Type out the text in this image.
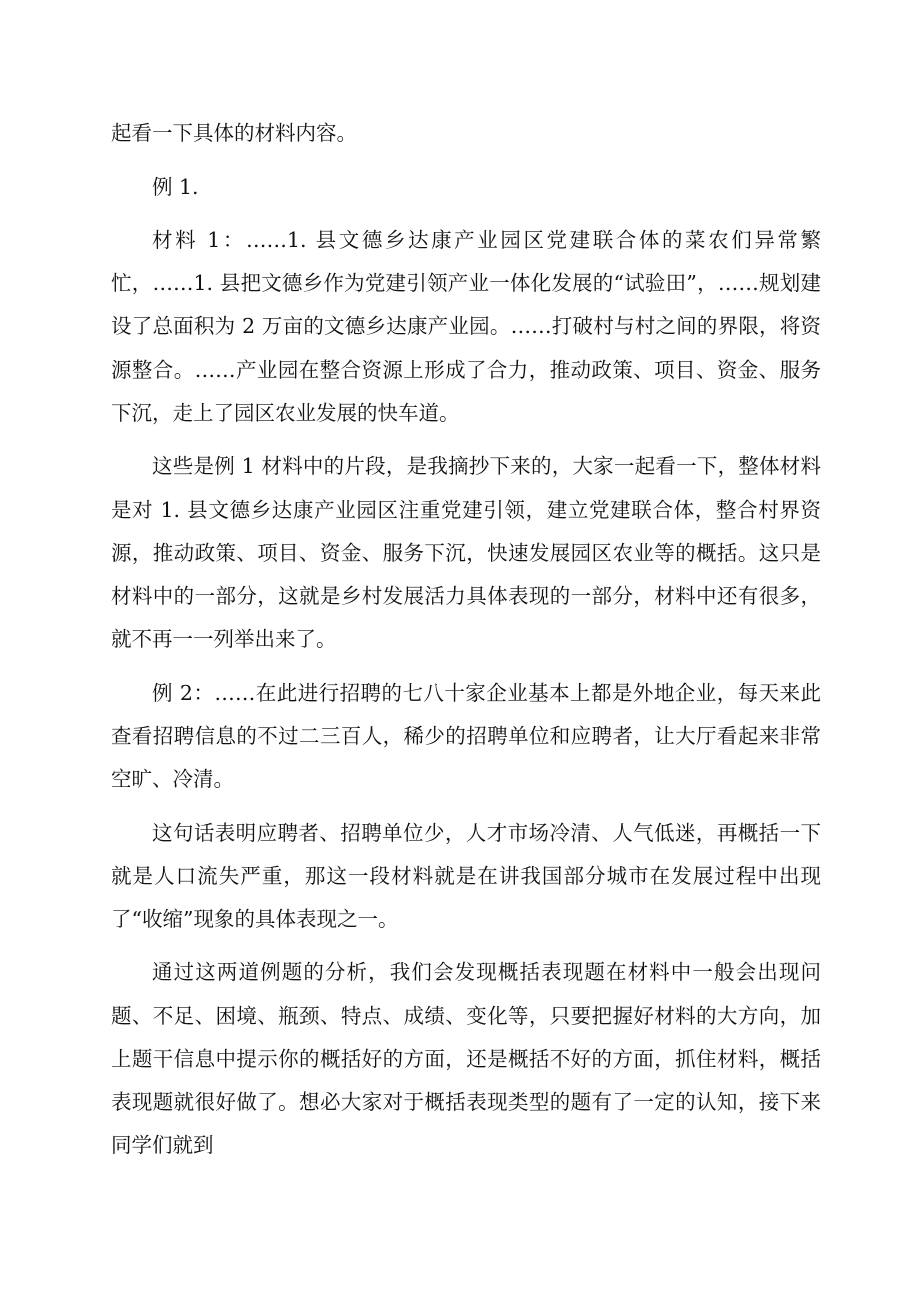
起看一下具体的材料内容。

例 1.

材料 1：……1. 县文德乡达康产业园区党建联合体的菜农们异常繁忙，……1. 县把文德乡作为党建引领产业一体化发展的“试验田”，……规划建设了总面积为 2 万亩的文德乡达康产业园。……打破村与村之间的界限，将资源整合。……产业园在整合资源上形成了合力，推动政策、项目、资金、服务下沉，走上了园区农业发展的快车道。

这些是例 1 材料中的片段，是我摘抄下来的，大家一起看一下，整体材料是对 1. 县文德乡达康产业园区注重党建引领，建立党建联合体，整合村界资源，推动政策、项目、资金、服务下沉，快速发展园区农业等的概括。这只是材料中的一部分，这就是乡村发展活力具体表现的一部分，材料中还有很多，就不再一一列举出来了。

例 2：……在此进行招聘的七八十家企业基本上都是外地企业，每天来此查看招聘信息的不过二三百人，稀少的招聘单位和应聘者，让大厅看起来非常空旷、冷清。

这句话表明应聘者、招聘单位少，人才市场冷清、人气低迷，再概括一下就是人口流失严重，那这一段材料就是在讲我国部分城市在发展过程中出现了“收缩”现象的具体表现之一。

通过这两道例题的分析，我们会发现概括表现题在材料中一般会出现问题、不足、困境、瓶颈、特点、成绩、变化等，只要把握好材料的大方向，加上题干信息中提示你的概括好的方面，还是概括不好的方面，抓住材料，概括表现题就很好做了。想必大家对于概括表现类型的题有了一定的认知，接下来同学们就到
